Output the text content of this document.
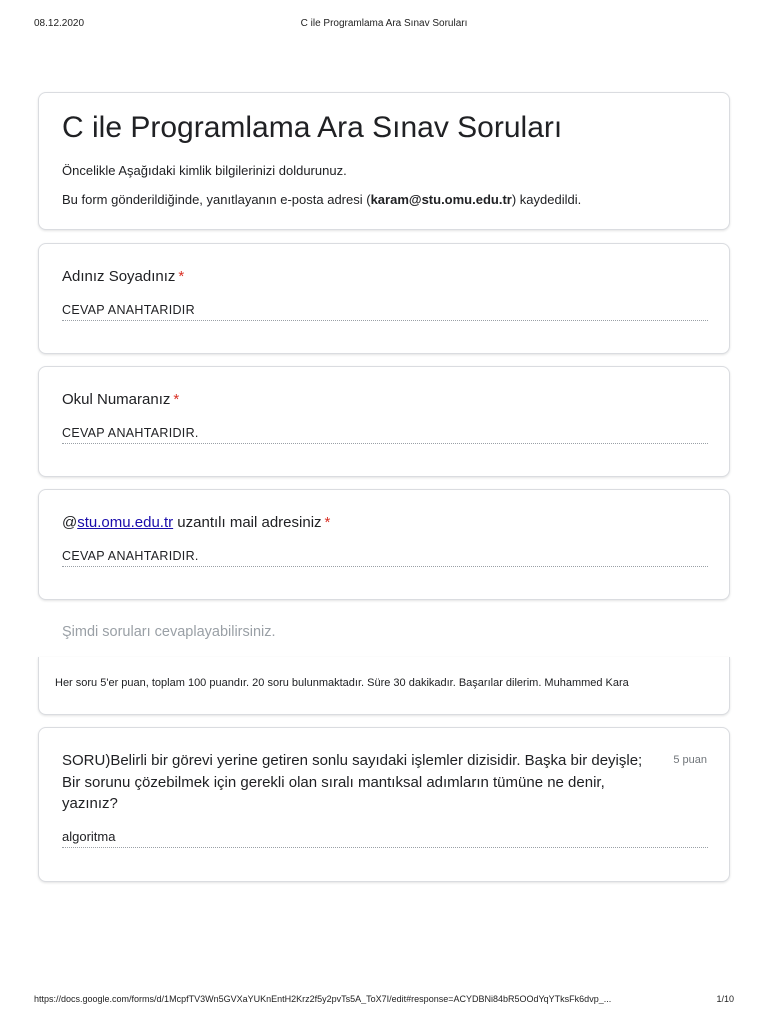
08.12.2020	C ile Programlama Ara Sınav Soruları
C ile Programlama Ara Sınav Soruları
Öncelikle Aşağıdaki kimlik bilgilerinizi doldurunuz.
Bu form gönderildiğinde, yanıtlayanın e-posta adresi (karam@stu.omu.edu.tr) kaydedildi.
Adınız Soyadınız *
CEVAP ANAHTARIDIR
Okul Numaranız *
CEVAP ANAHTARIDIR.
@stu.omu.edu.tr uzantılı mail adresiniz *
CEVAP ANAHTARIDIR.
Şimdi soruları cevaplayabilirsiniz.
Her soru 5'er puan, toplam 100 puandır. 20 soru bulunmaktadır. Süre 30 dakikadır. Başarılar dilerim. Muhammed Kara
SORU)Belirli bir görevi yerine getiren sonlu sayıdaki işlemler dizisidir. Başka bir deyişle; Bir sorunu çözebilmek için gerekli olan sıralı mantıksal adımların tümüne ne denir, yazınız?
5 puan
algoritma
https://docs.google.com/forms/d/1McpfTV3Wn5GVXaYUKnEntH2Krz2f5y2pvTs5A_ToX7I/edit#response=ACYDBNi84bR5OOdYqYTksFk6dvp_...	1/10
